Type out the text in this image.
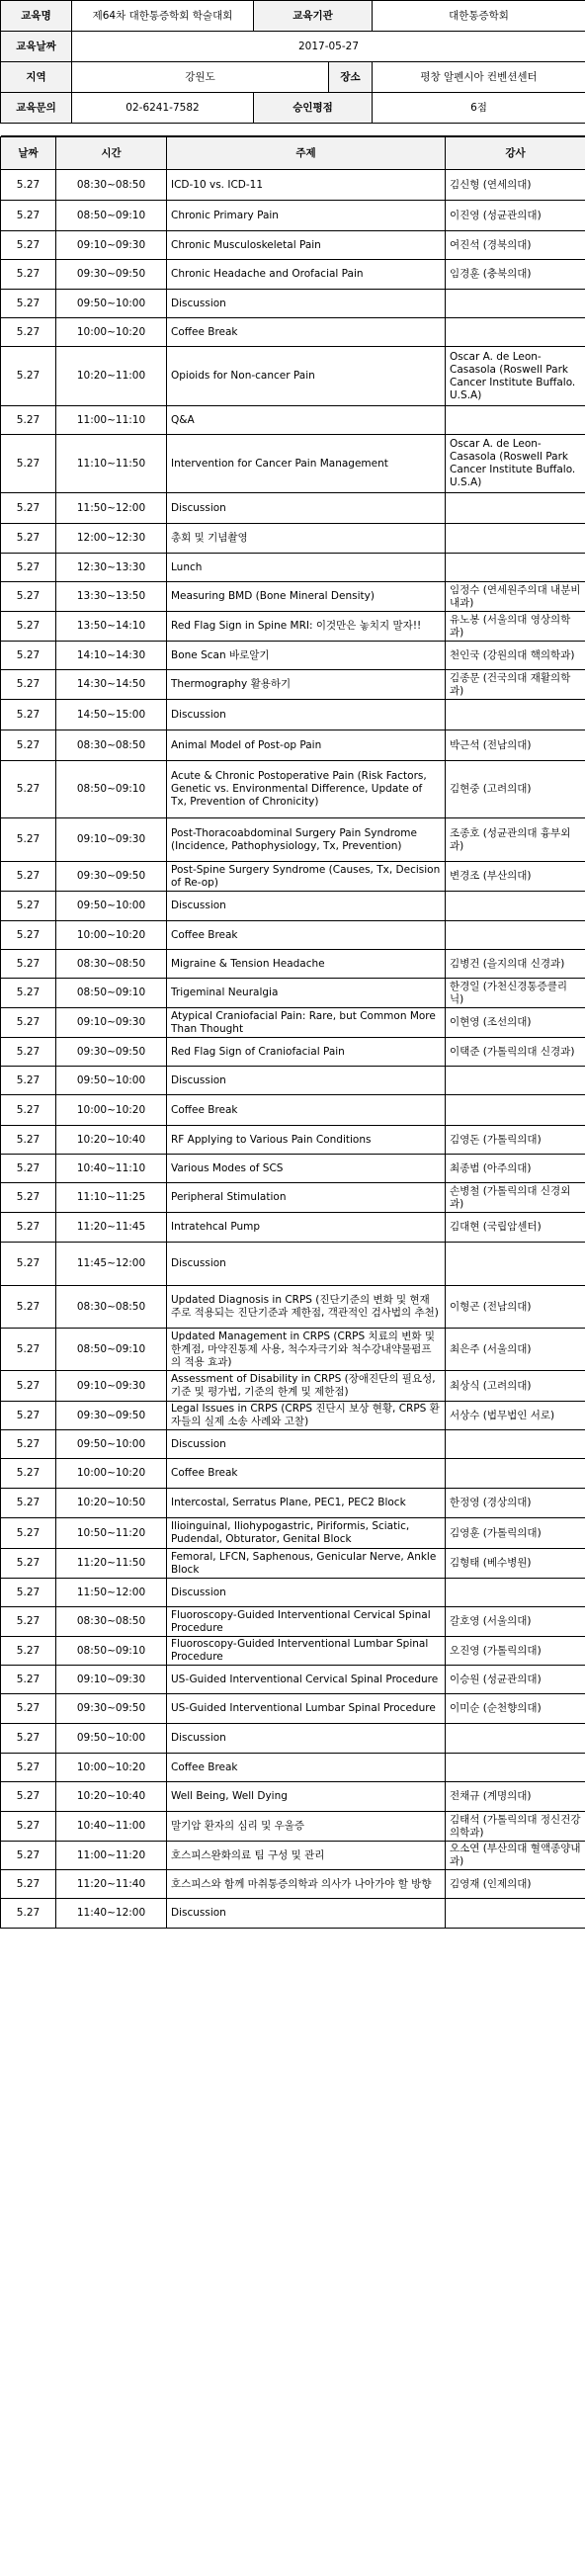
교육명	제64차 대한통증학회 학술대회	교육기관		대한통증학회
교육날짜	2017-05-27			
지역	강원도		장소	평창 알펜시아 컨벤션센터
교육문의	02-6241-7582	승인평점		6점

날짜	시간	주제	강사
5.27	08:30~08:50	ICD-10 vs. ICD-11	김신형 (연세의대)
5.27	08:50~09:10	Chronic Primary Pain	이진영 (성균관의대)
5.27	09:10~09:30	Chronic Musculoskeletal Pain	여진석 (경북의대)
5.27	09:30~09:50	Chronic Headache and Orofacial Pain	임경훈 (충북의대)
5.27	09:50~10:00	Discussion	
5.27	10:00~10:20	Coffee Break	
5.27	10:20~11:00	Opioids for Non-cancer Pain	Oscar A. de Leon-Casasola (Roswell Park Cancer Institute Buffalo. U.S.A)
5.27	11:00~11:10	Q&A	
5.27	11:10~11:50	Intervention for Cancer Pain Management	Oscar A. de Leon-Casasola (Roswell Park Cancer Institute Buffalo. U.S.A)
5.27	11:50~12:00	Discussion	
5.27	12:00~12:30	총회 및 기념촬영	
5.27	12:30~13:30	Lunch	
5.27	13:30~13:50	Measuring BMD (Bone Mineral Density)	임정수 (연세원주의대 내분비내과)
5.27	13:50~14:10	Red Flag Sign in Spine MRI: 이것만은 놓치지 말자!!	유노봉 (서울의대 영상의학과)
5.27	14:10~14:30	Bone Scan 바로알기	천인국 (강원의대 핵의학과)
5.27	14:30~14:50	Thermography 활용하기	김종문 (건국의대 재활의학과)
5.27	14:50~15:00	Discussion	
5.27	08:30~08:50	Animal Model of Post-op Pain	박근석 (전남의대)
5.27	08:50~09:10	Acute & Chronic Postoperative Pain (Risk Factors, Genetic vs. Environmental Difference, Update of Tx, Prevention of Chronicity)	김현중 (고려의대)
5.27	09:10~09:30	Post-Thoracoabdominal Surgery Pain Syndrome (Incidence, Pathophysiology, Tx, Prevention)	조종호 (성균관의대 흉부외과)
5.27	09:30~09:50	Post-Spine Surgery Syndrome (Causes, Tx, Decision of Re-op)	변경조 (부산의대)
5.27	09:50~10:00	Discussion	
5.27	10:00~10:20	Coffee Break	
5.27	08:30~08:50	Migraine & Tension Headache	김병건 (을지의대 신경과)
5.27	08:50~09:10	Trigeminal Neuralgia	한경일 (가천신경통증클리닉)
5.27	09:10~09:30	Atypical Craniofacial Pain: Rare, but Common More Than Thought	이현영 (조선의대)
5.27	09:30~09:50	Red Flag Sign of Craniofacial Pain	이택준 (가톨릭의대 신경과)
5.27	09:50~10:00	Discussion	
5.27	10:00~10:20	Coffee Break	
5.27	10:20~10:40	RF Applying to Various Pain Conditions	김영돈 (가톨릭의대)
5.27	10:40~11:10	Various Modes of SCS	최종범 (아주의대)
5.27	11:10~11:25	Peripheral Stimulation	손병철 (가톨릭의대 신경외과)
5.27	11:20~11:45	Intratehcal Pump	김대현 (국립암센터)
5.27	11:45~12:00	Discussion	
5.27	08:30~08:50	Updated Diagnosis in CRPS (진단기준의 변화 및 현재 주로 적용되는 진단기준과 제한점, 객관적인 검사법의 추천)	이형곤 (전남의대)
5.27	08:50~09:10	Updated Management in CRPS (CRPS 치료의 변화 및 한계점, 마약진통제 사용, 척수자극기와 척수강내약물펌프의 적용 효과)	최은주 (서울의대)
5.27	09:10~09:30	Assessment of Disability in CRPS (장애진단의 필요성, 기준 및 평가법, 기준의 한계 및 제한점)	최상식 (고려의대)
5.27	09:30~09:50	Legal Issues in CRPS (CRPS 진단시 보상 현황, CRPS 환자들의 실제 소송 사례와 고찰)	서상수 (법무법인 서로)
5.27	09:50~10:00	Discussion	
5.27	10:00~10:20	Coffee Break	
5.27	10:20~10:50	Intercostal, Serratus Plane, PEC1, PEC2 Block	한정영 (경상의대)
5.27	10:50~11:20	Ilioinguinal, Iliohypogastric, Piriformis, Sciatic, Pudendal, Obturator, Genital Block	김영훈 (가톨릭의대)
5.27	11:20~11:50	Femoral, LFCN, Saphenous, Genicular Nerve, Ankle Block	김형태 (베수병원)
5.27	11:50~12:00	Discussion	
5.27	08:30~08:50	Fluoroscopy-Guided Interventional Cervical Spinal Procedure	갈호영 (서울의대)
5.27	08:50~09:10	Fluoroscopy-Guided Interventional Lumbar Spinal Procedure	오진영 (가톨릭의대)
5.27	09:10~09:30	US-Guided Interventional Cervical Spinal Procedure	이승원 (성균관의대)
5.27	09:30~09:50	US-Guided Interventional Lumbar Spinal Procedure	이미순 (순천향의대)
5.27	09:50~10:00	Discussion	
5.27	10:00~10:20	Coffee Break	
5.27	10:20~10:40	Well Being, Well Dying	전채규 (계명의대)
5.27	10:40~11:00	말기암 환자의 심리 및 우울증	김태석 (가톨릭의대 정신건강의학과)
5.27	11:00~11:20	호스피스완화의료 팀 구성 및 관리	오소연 (부산의대 혈액종양내과)
5.27	11:20~11:40	호스피스와 함께 마취통증의학과 의사가 나아가야 할 방향	김영재 (인제의대)
5.27	11:40~12:00	Discussion	
